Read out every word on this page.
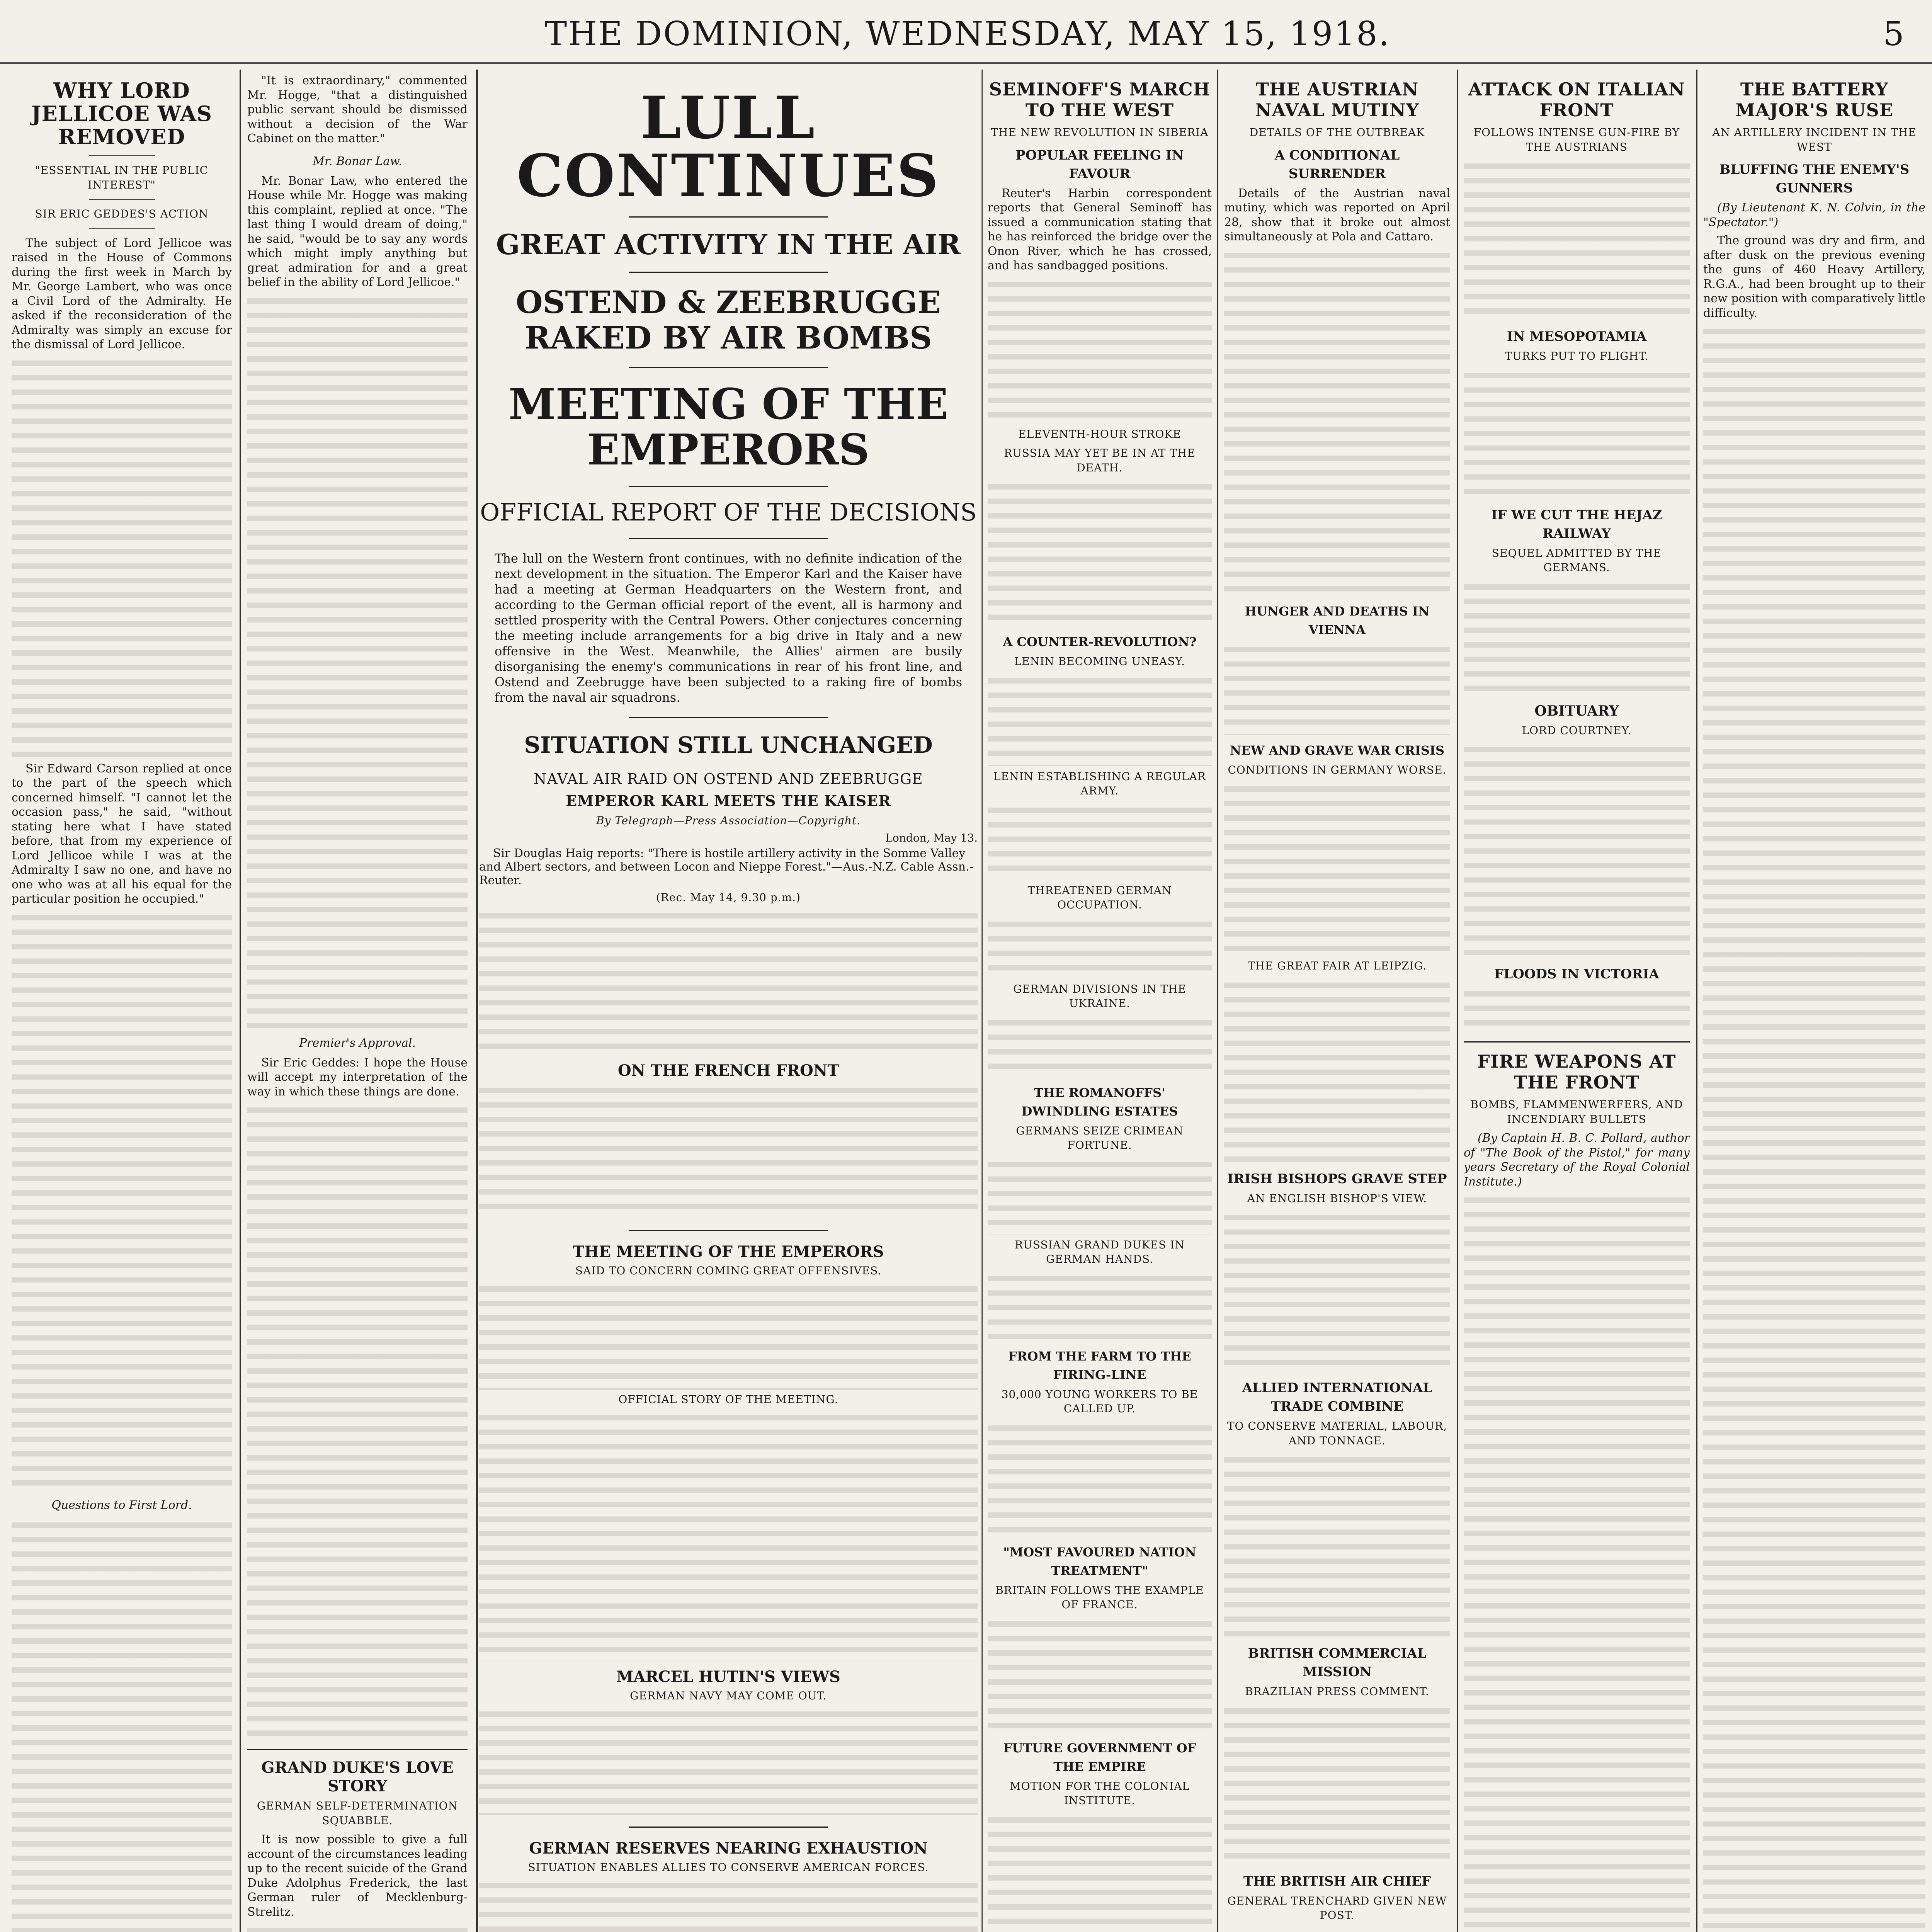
THE DOMINION, WEDNESDAY, MAY 15, 1918.	5
WHY LORD JELLICOE WAS REMOVED
"ESSENTIAL IN THE PUBLIC INTEREST"
SIR ERIC GEDDES'S ACTION

The subject of Lord Jellicoe was raised in the House of Commons during the first week in March by Mr. George Lambert, who was once a Civil Lord of the Admiralty. He asked if the reconsideration of the Admiralty was simply an excuse for the dismissal of Lord Jellicoe.

Sir Edward Carson replied at once to the part of the speech which concerned himself. "I cannot let the occasion pass," he said, "without stating here what I have stated before, that from my experience of Lord Jellicoe while I was at the Admiralty I saw no one, and have no one who was at all his equal for the particular position he occupied."

Questions to First Lord.

"It is extraordinary," commented Mr. Hogge, "that a distinguished public servant should be dismissed without a decision of the War Cabinet on the matter."

Mr. Bonar Law.

Mr. Bonar Law, who entered the House while Mr. Hogge was making this complaint, replied at once. "The last thing I would dream of doing," he said, "would be to say any words which might imply anything but great admiration for and a great belief in the ability of Lord Jellicoe."

Premier's Approval.

Sir Eric Geddes: I hope the House will accept my interpretation of the way in which these things are done.

GRAND DUKE'S LOVE STORY
GERMAN SELF-DETERMINATION SQUABBLE.

It is now possible to give a full account of the circumstances leading up to the recent suicide of the Grand Duke Adolphus Frederick, the last German ruler of Mecklenburg-Strelitz.

LULL CONTINUES
GREAT ACTIVITY IN THE AIR
OSTEND & ZEEBRUGGE RAKED BY AIR BOMBS
MEETING OF THE EMPERORS
OFFICIAL REPORT OF THE DECISIONS
The lull on the Western front continues, with no definite indication of the next development in the situation. The Emperor Karl and the Kaiser have had a meeting at German Headquarters on the Western front, and according to the German official report of the event, all is harmony and settled prosperity with the Central Powers. Other conjectures concerning the meeting include arrangements for a big drive in Italy and a new offensive in the West. Meanwhile, the Allies' airmen are busily disorganising the enemy's communications in rear of his front line, and Ostend and Zeebrugge have been subjected to a raking fire of bombs from the naval air squadrons.
SITUATION STILL UNCHANGED
NAVAL AIR RAID ON OSTEND AND ZEEBRUGGE
EMPEROR KARL MEETS THE KAISER
By Telegraph—Press Association—Copyright.
London, May 13.

Sir Douglas Haig reports: "There is hostile artillery activity in the Somme Valley and Albert sectors, and between Locon and Nieppe Forest."—Aus.-N.Z. Cable Assn.-Reuter.

(Rec. May 14, 9.30 p.m.)
ON THE FRENCH FRONT
THE MEETING OF THE EMPERORS
SAID TO CONCERN COMING GREAT OFFENSIVES.
OFFICIAL STORY OF THE MEETING.
MARCEL HUTIN'S VIEWS
GERMAN NAVY MAY COME OUT.
GERMAN RESERVES NEARING EXHAUSTION
SITUATION ENABLES ALLIES TO CONSERVE AMERICAN FORCES.

SEMINOFF'S MARCH TO THE WEST
THE NEW REVOLUTION IN SIBERIA
POPULAR FEELING IN FAVOUR

Reuter's Harbin correspondent reports that General Seminoff has issued a communication stating that he has reinforced the bridge over the Onon River, which he has crossed, and has sandbagged positions.

ELEVENTH-HOUR STROKE
RUSSIA MAY YET BE IN AT THE DEATH.
A COUNTER-REVOLUTION?
LENIN BECOMING UNEASY.
LENIN ESTABLISHING A REGULAR ARMY.
THREATENED GERMAN OCCUPATION.
GERMAN DIVISIONS IN THE UKRAINE.
THE ROMANOFFS' DWINDLING ESTATES
GERMANS SEIZE CRIMEAN FORTUNE.
RUSSIAN GRAND DUKES IN GERMAN HANDS.
FROM THE FARM TO THE FIRING-LINE
30,000 YOUNG WORKERS TO BE CALLED UP.
"MOST FAVOURED NATION TREATMENT"
BRITAIN FOLLOWS THE EXAMPLE OF FRANCE.
FUTURE GOVERNMENT OF THE EMPIRE
MOTION FOR THE COLONIAL INSTITUTE.

THE AUSTRIAN NAVAL MUTINY
DETAILS OF THE OUTBREAK
A CONDITIONAL SURRENDER

Details of the Austrian naval mutiny, which was reported on April 28, show that it broke out almost simultaneously at Pola and Cattaro.

HUNGER AND DEATHS IN VIENNA
NEW AND GRAVE WAR CRISIS
CONDITIONS IN GERMANY WORSE.
THE GREAT FAIR AT LEIPZIG.
IRISH BISHOPS GRAVE STEP
AN ENGLISH BISHOP'S VIEW.
ALLIED INTERNATIONAL TRADE COMBINE
TO CONSERVE MATERIAL, LABOUR, AND TONNAGE.
BRITISH COMMERCIAL MISSION
BRAZILIAN PRESS COMMENT.
THE BRITISH AIR CHIEF
GENERAL TRENCHARD GIVEN NEW POST.

ATTACK ON ITALIAN FRONT
FOLLOWS INTENSE GUN-FIRE BY THE AUSTRIANS
IN MESOPOTAMIA
TURKS PUT TO FLIGHT.
IF WE CUT THE HEJAZ RAILWAY
SEQUEL ADMITTED BY THE GERMANS.
OBITUARY
LORD COURTNEY.
FLOODS IN VICTORIA
FIRE WEAPONS AT THE FRONT
BOMBS, FLAMMENWERFERS, AND INCENDIARY BULLETS

(By Captain H. B. C. Pollard, author of "The Book of the Pistol," for many years Secretary of the Royal Colonial Institute.)

THE BATTERY MAJOR'S RUSE
AN ARTILLERY INCIDENT IN THE WEST
BLUFFING THE ENEMY'S GUNNERS

(By Lieutenant K. N. Colvin, in the "Spectator.")

The ground was dry and firm, and after dusk on the previous evening the guns of 460 Heavy Artillery, R.G.A., had been brought up to their new position with comparatively little difficulty.
